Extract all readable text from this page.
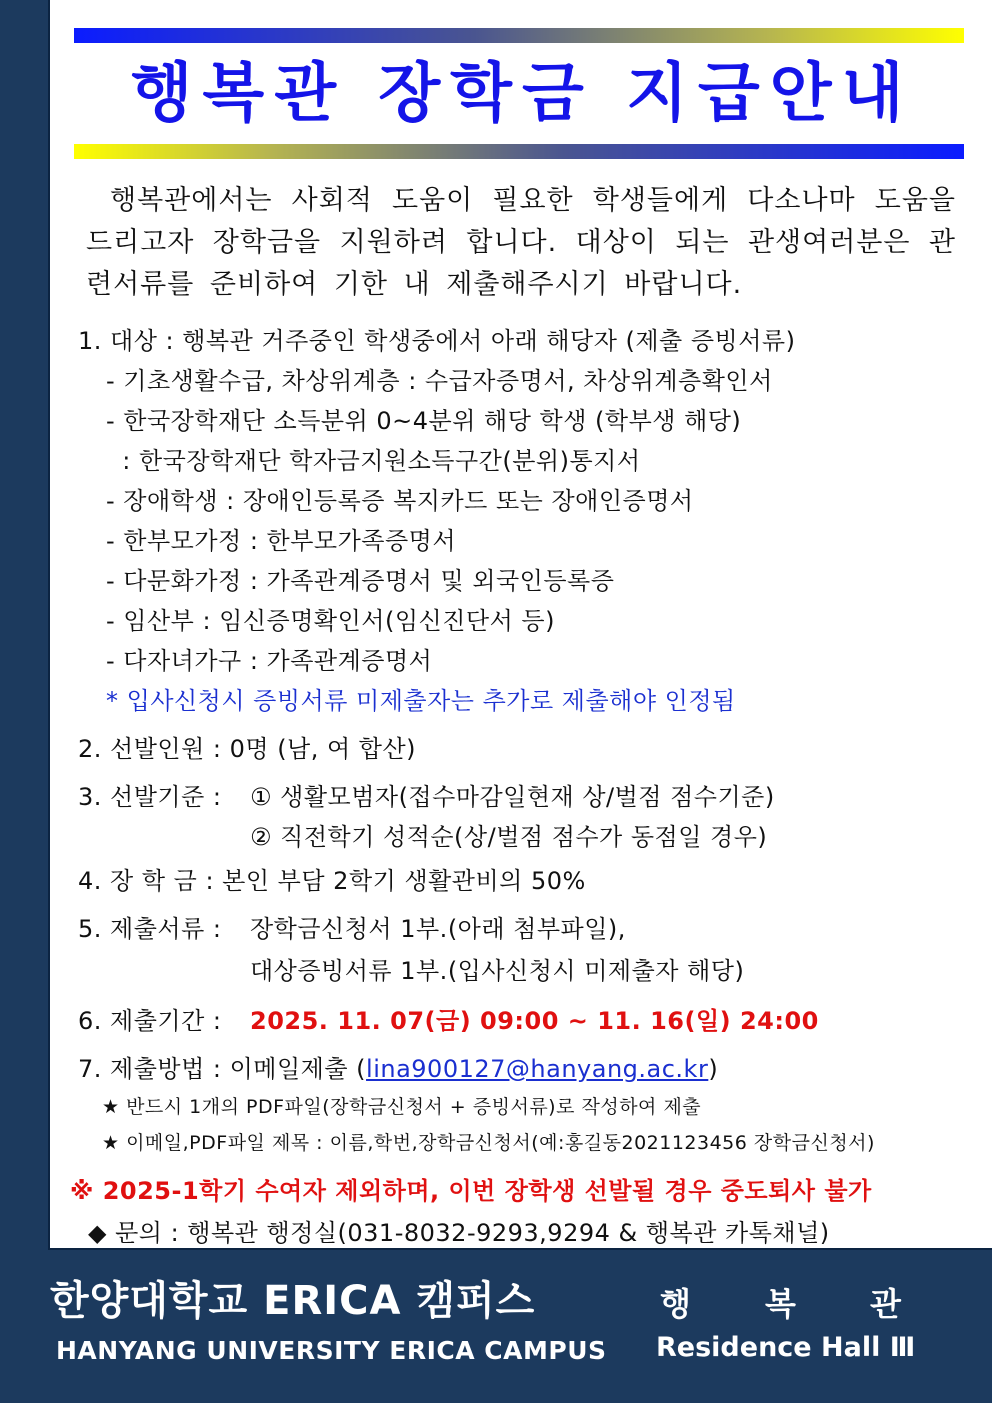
행복관 장학금 지급안내
행복관에서는 사회적 도움이 필요한 학생들에게 다소나마 도움을 드리고자 장학금을 지원하려 합니다. 대상이 되는 관생여러분은 관련서류를 준비하여 기한 내 제출해주시기 바랍니다.
1. 대상 : 행복관 거주중인 학생중에서 아래 해당자 (제출 증빙서류)
- 기초생활수급, 차상위계층 : 수급자증명서, 차상위계층확인서
- 한국장학재단 소득분위 0~4분위 해당 학생 (학부생 해당)
: 한국장학재단 학자금지원소득구간(분위)통지서
- 장애학생 : 장애인등록증 복지카드 또는 장애인증명서
- 한부모가정 : 한부모가족증명서
- 다문화가정 : 가족관계증명서 및 외국인등록증
- 임산부 : 임신증명확인서(임신진단서 등)
- 다자녀가구 : 가족관계증명서
* 입사신청시 증빙서류 미제출자는 추가로 제출해야 인정됨
2. 선발인원 : 0명 (남, 여 합산)
3. 선발기준 : ① 생활모범자(접수마감일현재 상/벌점 점수기준)
② 직전학기 성적순(상/벌점 점수가 동점일 경우)
4. 장 학 금 : 본인 부담 2학기 생활관비의 50%
5. 제출서류 : 장학금신청서 1부.(아래 첨부파일),
대상증빙서류 1부.(입사신청시 미제출자 해당)
6. 제출기간 : 2025. 11. 07(금) 09:00 ~ 11. 16(일) 24:00
7. 제출방법 : 이메일제출 (lina900127@hanyang.ac.kr)
★ 반드시 1개의 PDF파일(장학금신청서 + 증빙서류)로 작성하여 제출
★ 이메일,PDF파일 제목 : 이름,학번,장학금신청서(예:홍길동2021123456 장학금신청서)
※ 2025-1학기 수여자 제외하며, 이번 장학생 선발될 경우 중도퇴사 불가
◆ 문의 : 행복관 행정실(031-8032-9293,9294 & 행복관 카톡채널)
한양대학교 ERICA 캠퍼스
HANYANG UNIVERSITY ERICA CAMPUS
행 복 관
Residence Hall Ⅲ
